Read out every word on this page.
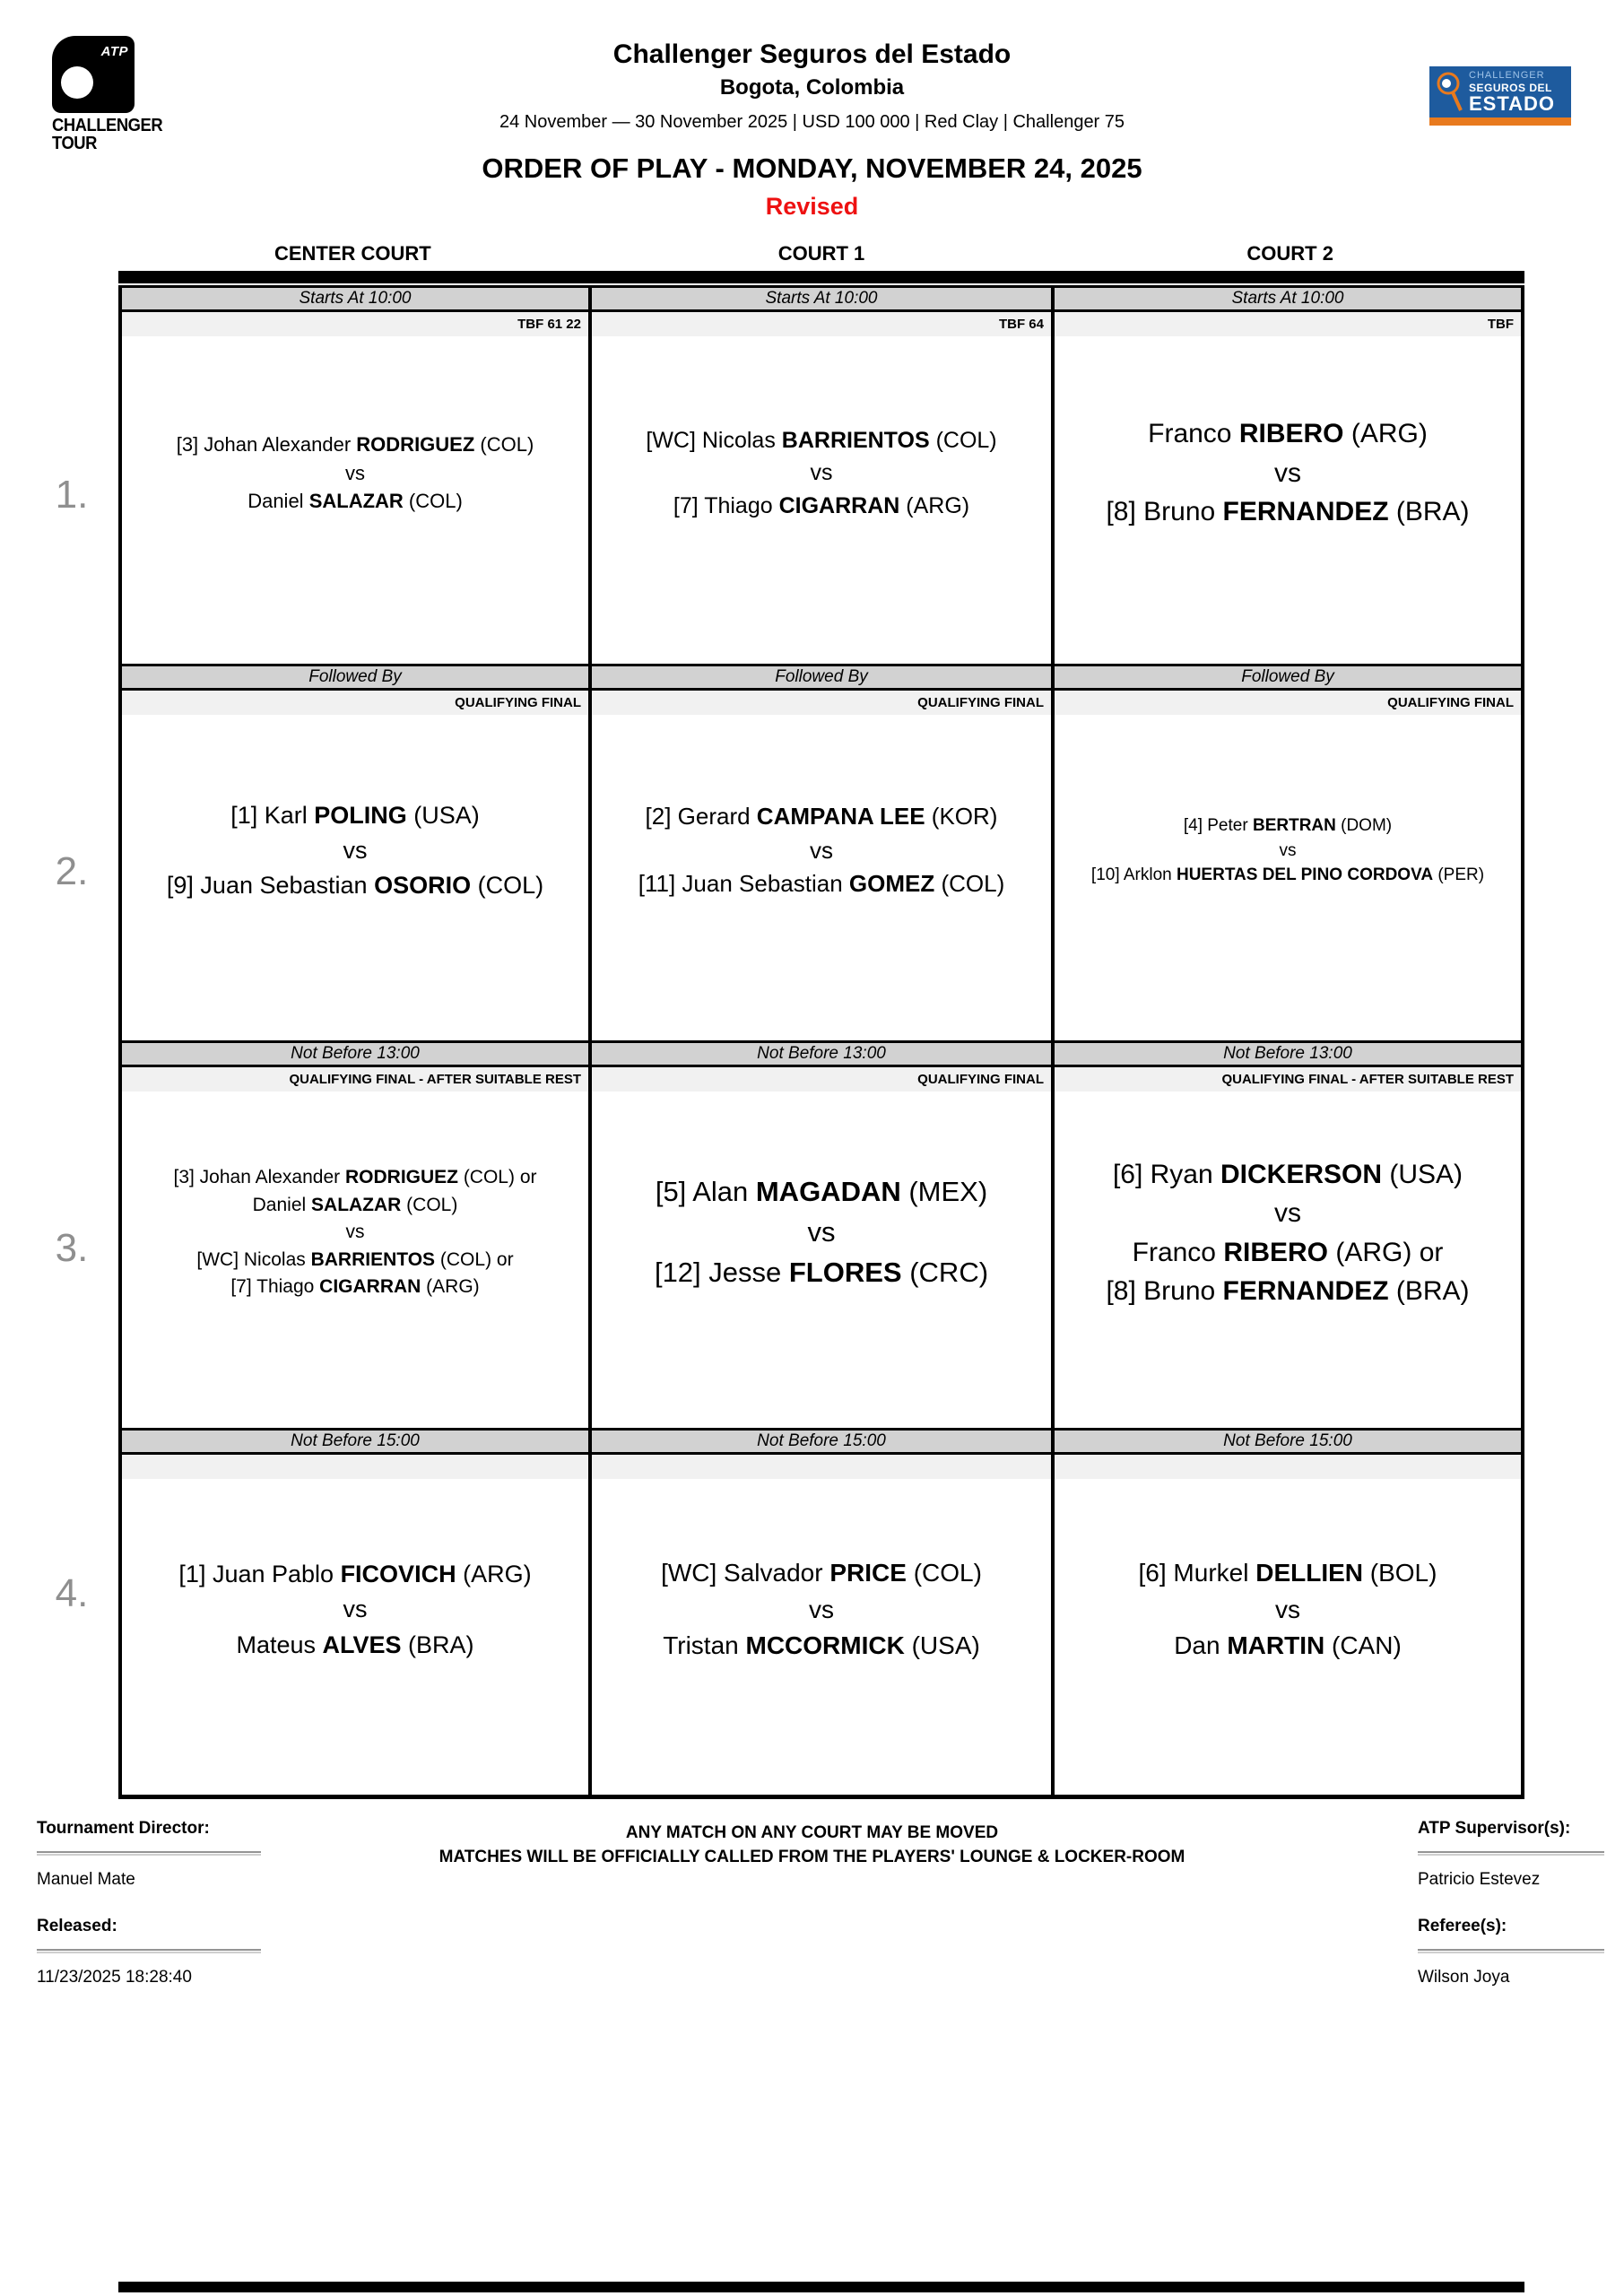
ATP
CHALLENGER
TOUR
Challenger Seguros del Estado
Bogota, Colombia
24 November — 30 November 2025 | USD 100 000 | Red Clay | Challenger 75
ORDER OF PLAY - MONDAY, NOVEMBER 24, 2025
Revised
CHALLENGER
SEGUROS DEL
ESTADO
CENTER COURT	COURT 1	COURT 2
Starts At 10:00
TBF 61 22
[3] Johan Alexander RODRIGUEZ (COL)
vs
Daniel SALAZAR (COL)
Starts At 10:00
TBF 64
[WC] Nicolas BARRIENTOS (COL)
vs
[7] Thiago CIGARRAN (ARG)
Starts At 10:00
TBF
Franco RIBERO (ARG)
vs
[8] Bruno FERNANDEZ (BRA)
Followed By
QUALIFYING FINAL
[1] Karl POLING (USA)
vs
[9] Juan Sebastian OSORIO (COL)
Followed By
QUALIFYING FINAL
[2] Gerard CAMPANA LEE (KOR)
vs
[11] Juan Sebastian GOMEZ (COL)
Followed By
QUALIFYING FINAL
[4] Peter BERTRAN (DOM)
vs
[10] Arklon HUERTAS DEL PINO CORDOVA (PER)
Not Before 13:00
QUALIFYING FINAL - AFTER SUITABLE REST
[3] Johan Alexander RODRIGUEZ (COL) or
Daniel SALAZAR (COL)
vs
[WC] Nicolas BARRIENTOS (COL) or
[7] Thiago CIGARRAN (ARG)
Not Before 13:00
QUALIFYING FINAL
[5] Alan MAGADAN (MEX)
vs
[12] Jesse FLORES (CRC)
Not Before 13:00
QUALIFYING FINAL - AFTER SUITABLE REST
[6] Ryan DICKERSON (USA)
vs
Franco RIBERO (ARG) or
[8] Bruno FERNANDEZ (BRA)
Not Before 15:00
[1] Juan Pablo FICOVICH (ARG)
vs
Mateus ALVES (BRA)
Not Before 15:00
[WC] Salvador PRICE (COL)
vs
Tristan MCCORMICK (USA)
Not Before 15:00
[6] Murkel DELLIEN (BOL)
vs
Dan MARTIN (CAN)
1.
2.
3.
4.
Tournament Director:
Manuel Mate
Released:
11/23/2025 18:28:40
ANY MATCH ON ANY COURT MAY BE MOVED
MATCHES WILL BE OFFICIALLY CALLED FROM THE PLAYERS' LOUNGE & LOCKER-ROOM
ATP Supervisor(s):
Patricio Estevez
Referee(s):
Wilson Joya
